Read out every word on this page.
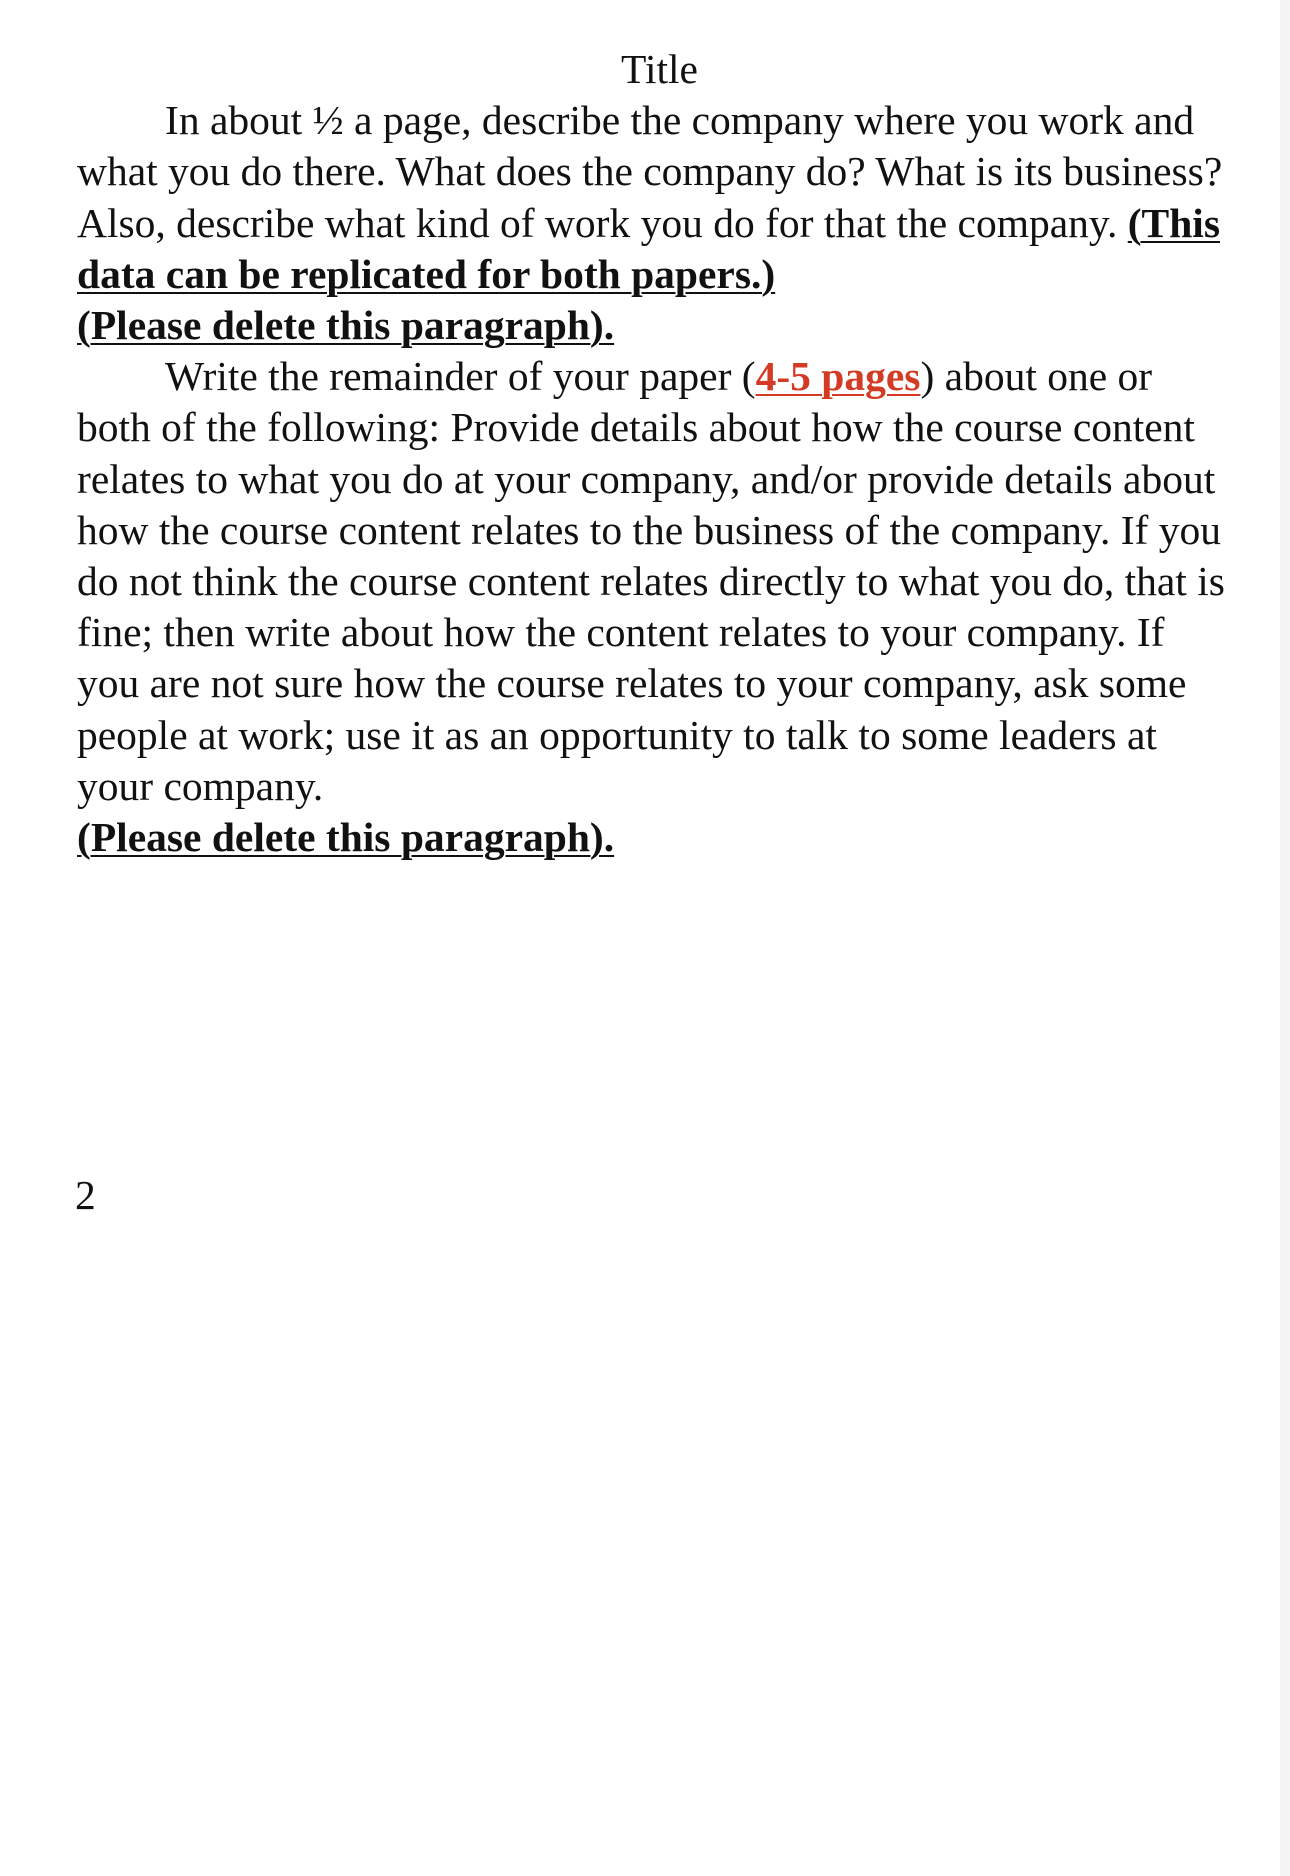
Title

In about ½ a page, describe the company where you work and what you do there. What does the company do? What is its business? Also, describe what kind of work you do for that the company. (This data can be replicated for both papers.)
(Please delete this paragraph).

Write the remainder of your paper (4-5 pages) about one or both of the following: Provide details about how the course content relates to what you do at your company, and/or provide details about how the course content relates to the business of the company. If you do not think the course content relates directly to what you do, that is fine; then write about how the content relates to your company. If you are not sure how the course relates to your company, ask some people at work; use it as an opportunity to talk to some leaders at your company.
(Please delete this paragraph).

2
